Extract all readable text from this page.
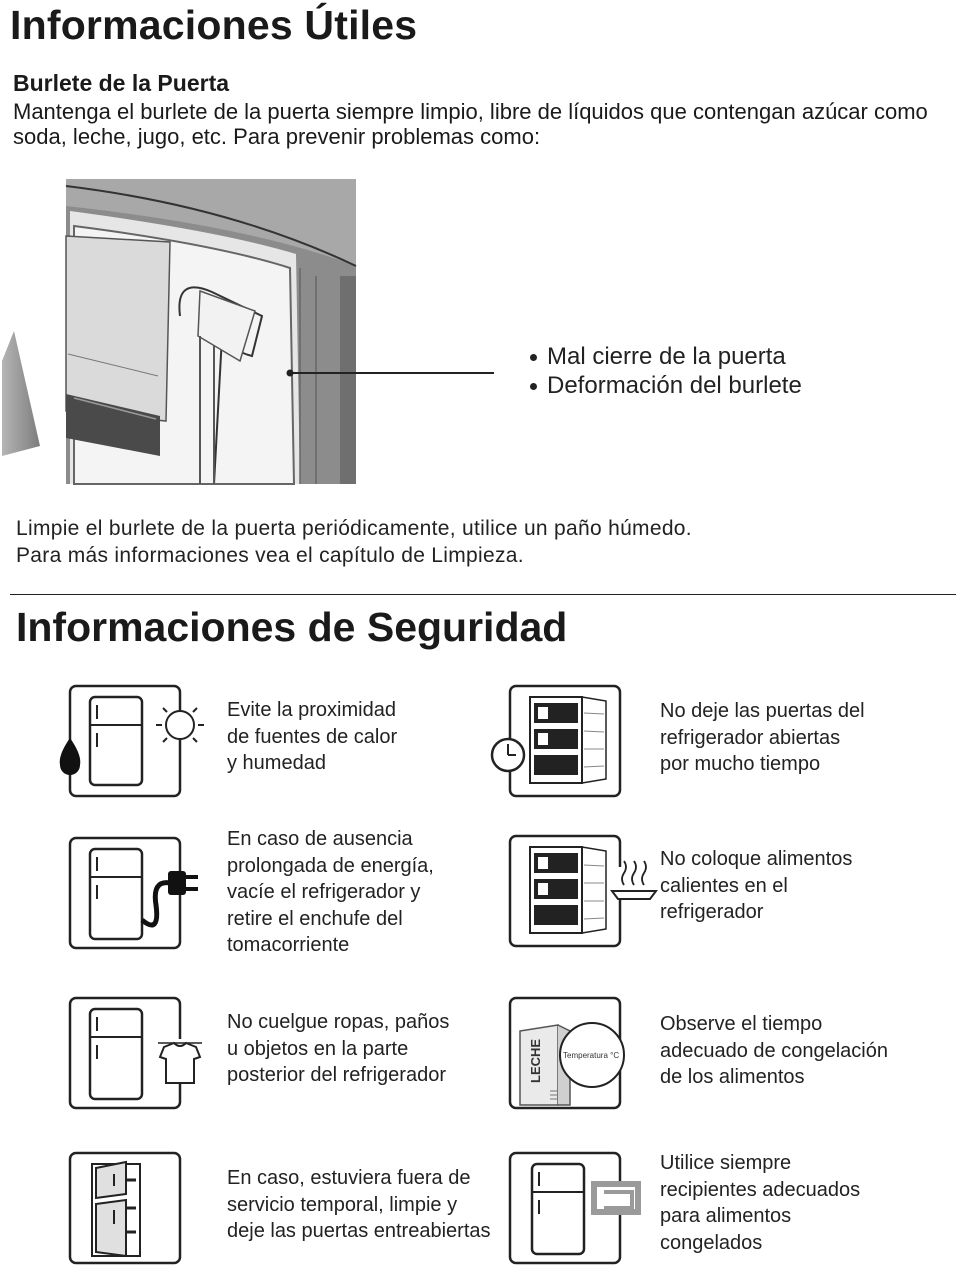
Informaciones Útiles
Burlete de la Puerta
Mantenga el burlete de la puerta siempre limpio, libre de líquidos que contengan azúcar como
soda, leche, jugo, etc. Para prevenir problemas como:
Mal cierre de la puerta
Deformación del burlete
Limpie el burlete de la puerta periódicamente, utilice un paño húmedo.
Para más informaciones vea el capítulo de Limpieza.
Informaciones de Seguridad
Evite la proximidad
de fuentes de calor
y humedad
No deje las puertas del
refrigerador abiertas
por mucho tiempo
En caso de ausencia
prolongada de energía,
vacíe el refrigerador y
retire el enchufe del
tomacorriente
No coloque alimentos
calientes en el
refrigerador
No cuelgue ropas, paños
u objetos en la parte
posterior del refrigerador	LECHE	Temperatura °C
Observe el tiempo
adecuado de congelación
de los alimentos
En caso, estuviera fuera de
servicio temporal, limpie y
deje las puertas entreabiertas
Utilice siempre
recipientes adecuados
para alimentos
congelados
